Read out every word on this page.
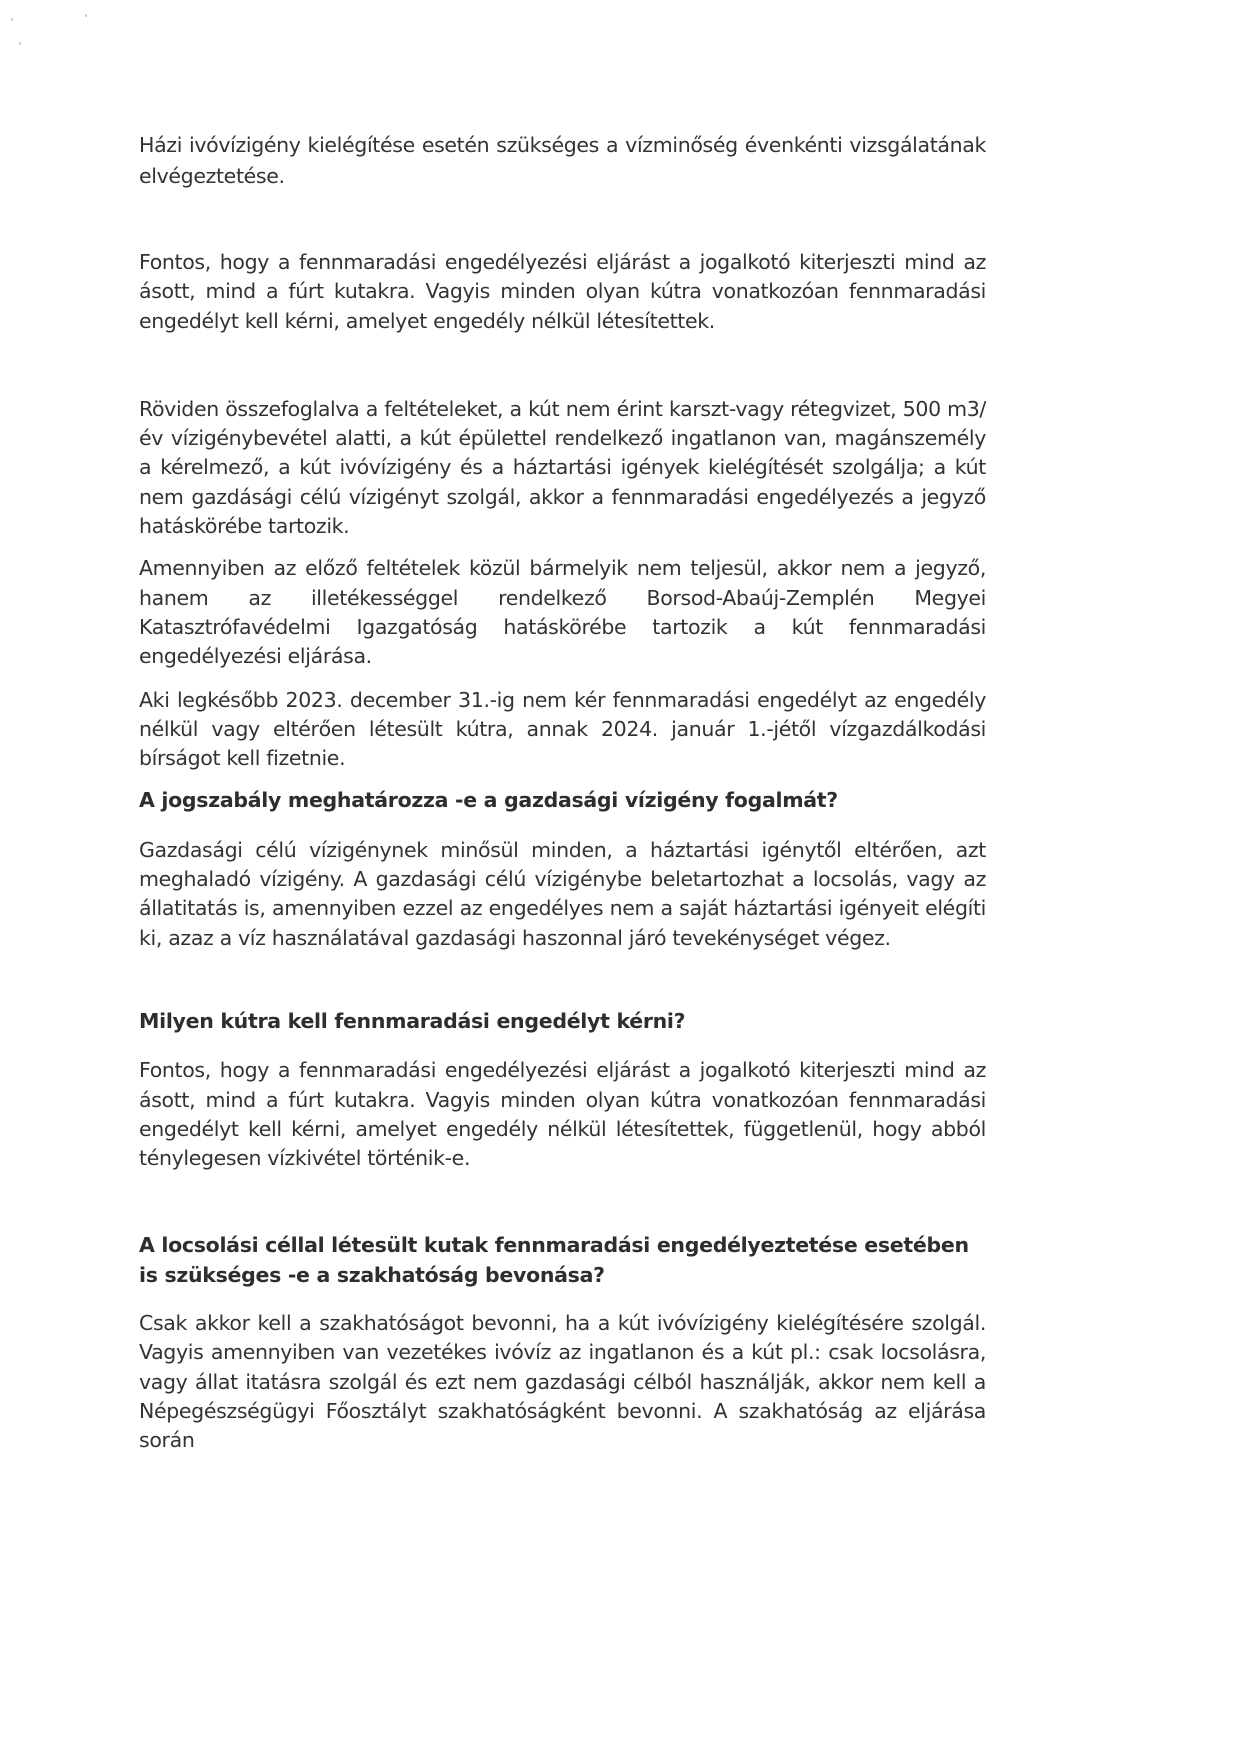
Házi ivóvízigény kielégítése esetén szükséges a vízminőség évenkénti vizsgálatának elvégeztetése.

Fontos, hogy a fennmaradási engedélyezési eljárást a jogalkotó kiterjeszti mind az ásott, mind a fúrt kutakra. Vagyis minden olyan kútra vonatkozóan fennmaradási engedélyt kell kérni, amelyet engedély nélkül létesítettek.

Röviden összefoglalva a feltételeket, a kút nem érint karszt-vagy rétegvizet, 500 m3/év vízigénybevétel alatti, a kút épülettel rendelkező ingatlanon van, magánszemély a kérelmező, a kút ivóvízigény és a háztartási igények kielégítését szolgálja; a kút nem gazdásági célú vízigényt szolgál, akkor a fennmaradási engedélyezés a jegyző hatáskörébe tartozik.

Amennyiben az előző feltételek közül bármelyik nem teljesül, akkor nem a jegyző, hanem az illetékességgel rendelkező Borsod-Abaúj-Zemplén Megyei Katasztrófavédelmi Igazgatóság hatáskörébe tartozik a kút fennmaradási engedélyezési eljárása.

Aki legkésőbb 2023. december 31.-ig nem kér fennmaradási engedélyt az engedély nélkül vagy eltérően létesült kútra, annak 2024. január 1.-jétől vízgazdálkodási bírságot kell fizetnie.

A jogszabály meghatározza -e a gazdasági vízigény fogalmát?

Gazdasági célú vízigénynek minősül minden, a háztartási igénytől eltérően, azt meghaladó vízigény. A gazdasági célú vízigénybe beletartozhat a locsolás, vagy az állatitatás is, amennyiben ezzel az engedélyes nem a saját háztartási igényeit elégíti ki, azaz a víz használatával gazdasági haszonnal járó tevekénységet végez.

Milyen kútra kell fennmaradási engedélyt kérni?

Fontos, hogy a fennmaradási engedélyezési eljárást a jogalkotó kiterjeszti mind az ásott, mind a fúrt kutakra. Vagyis minden olyan kútra vonatkozóan fennmaradási engedélyt kell kérni, amelyet engedély nélkül létesítettek, függetlenül, hogy abból ténylegesen vízkivétel történik-e.

A locsolási céllal létesült kutak fennmaradási engedélyeztetése esetében is szükséges -e a szakhatóság bevonása?

Csak akkor kell a szakhatóságot bevonni, ha a kút ivóvízigény kielégítésére szolgál. Vagyis amennyiben van vezetékes ivóvíz az ingatlanon és a kút pl.: csak locsolásra, vagy állat itatásra szolgál és ezt nem gazdasági célból használják, akkor nem kell a Népegészségügyi Főosztályt szakhatóságként bevonni. A szakhatóság az eljárása során
